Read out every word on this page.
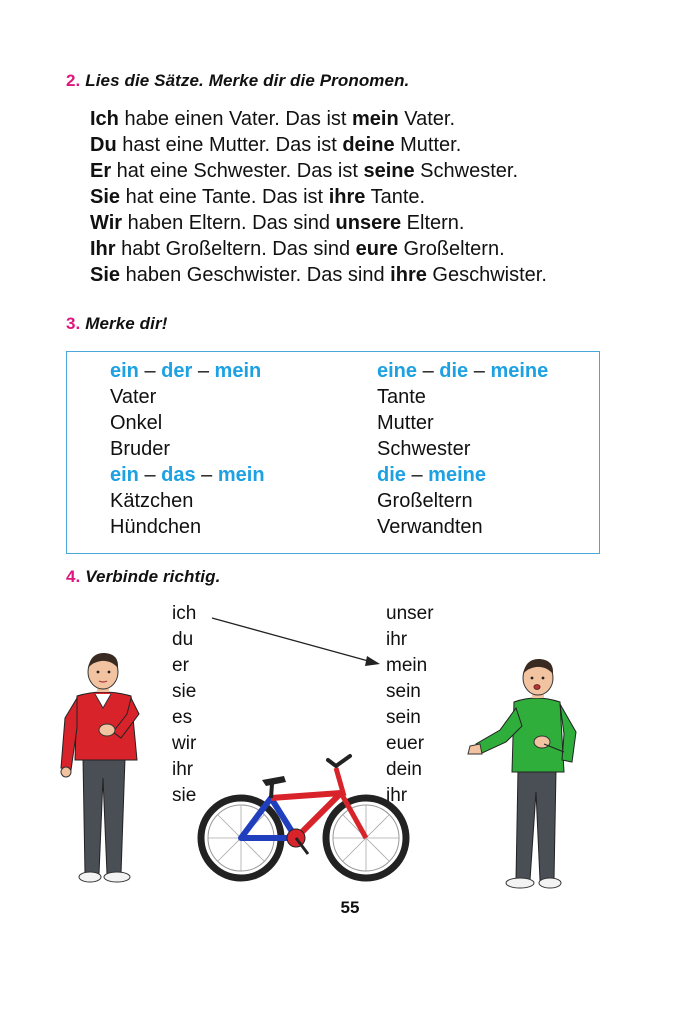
2. Lies die Sätze. Merke dir die Pronomen.
Ich habe einen Vater. Das ist mein Vater.
Du hast eine Mutter. Das ist deine Mutter.
Er hat eine Schwester. Das ist seine Schwester.
Sie hat eine Tante. Das ist ihre Tante.
Wir haben Eltern. Das sind unsere Eltern.
Ihr habt Großeltern. Das sind eure Großeltern.
Sie haben Geschwister. Das sind ihre Geschwister.
3. Merke dir!
ein – der – mein
Vater
Onkel
Bruder
ein – das – mein
Kätzchen
Hündchen
eine – die – meine
Tante
Mutter
Schwester
die – meine
Großeltern
Verwandten
4. Verbinde richtig.
ich
du
er
sie
es
wir
ihr
sie
unser
ihr
mein
sein
sein
euer
dein
ihr
55
